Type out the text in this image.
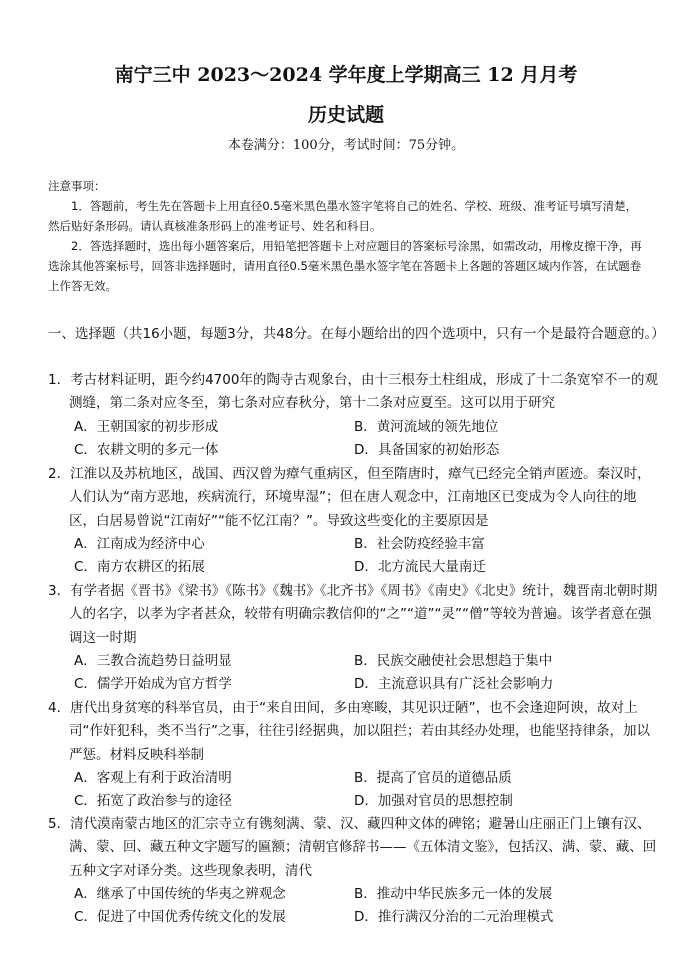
南宁三中 2023～2024 学年度上学期高三 12 月月考
历史试题
本卷满分：100分，考试时间：75分钟。

注意事项：

1．答题前，考生先在答题卡上用直径0.5毫米黑色墨水签字笔将自己的姓名、学校、班级、准考证号填写清楚，然后贴好条形码。请认真核准条形码上的准考证号、姓名和科目。

2．答选择题时，选出每小题答案后，用铅笔把答题卡上对应题目的答案标号涂黑，如需改动，用橡皮擦干净，再选涂其他答案标号，回答非选择题时，请用直径0.5毫米黑色墨水签字笔在答题卡上各题的答题区域内作答，在试题卷上作答无效。

一、选择题（共16小题，每题3分，共48分。在每小题给出的四个选项中，只有一个是最符合题意的。）

1．考古材料证明，距今约4700年的陶寺古观象台，由十三根夯土柱组成，形成了十二条宽窄不一的观测缝，第二条对应冬至，第七条对应春秋分，第十二条对应夏至。这可以用于研究

A．王朝国家的初步形成	B．黄河流域的领先地位
C．农耕文明的多元一体	D．具备国家的初始形态

2．江淮以及苏杭地区，战国、西汉曾为瘴气重病区，但至隋唐时，瘴气已经完全销声匿迹。秦汉时，人们认为“南方恶地，疾病流行，环境卑湿”；但在唐人观念中，江南地区已变成为令人向往的地区，白居易曾说“江南好”“能不忆江南？”。导致这些变化的主要原因是

A．江南成为经济中心	B．社会防疫经验丰富
C．南方农耕区的拓展	D．北方流民大量南迁

3．有学者据《晋书》《梁书》《陈书》《魏书》《北齐书》《周书》《南史》《北史》统计，魏晋南北朝时期人的名字，以孝为字者甚众，较带有明确宗教信仰的“之”“道”“灵”“僧”等较为普遍。该学者意在强调这一时期

A．三教合流趋势日益明显	B．民族交融使社会思想趋于集中
C．儒学开始成为官方哲学	D．主流意识具有广泛社会影响力

4．唐代出身贫寒的科举官员，由于“来自田间，多由寒畯，其见识迂陋”，也不会逢迎阿谀，故对上司“作奸犯科，类不当行”之事，往往引经据典，加以阻拦；若由其经办处理，也能坚持律条，加以严惩。材料反映科举制

A．客观上有利于政治清明	B．提高了官员的道德品质
C．拓宽了政治参与的途径	D．加强对官员的思想控制

5．清代漠南蒙古地区的汇宗寺立有镌刻满、蒙、汉、藏四种文体的碑铭；避暑山庄丽正门上镶有汉、满、蒙、回、藏五种文字题写的匾额；清朝官修辞书——《五体清文鉴》，包括汉、满、蒙、藏、回五种文字对译分类。这些现象表明，清代

A．继承了中国传统的华夷之辨观念	B．推动中华民族多元一体的发展
C．促进了中国优秀传统文化的发展	D．推行满汉分治的二元治理模式
